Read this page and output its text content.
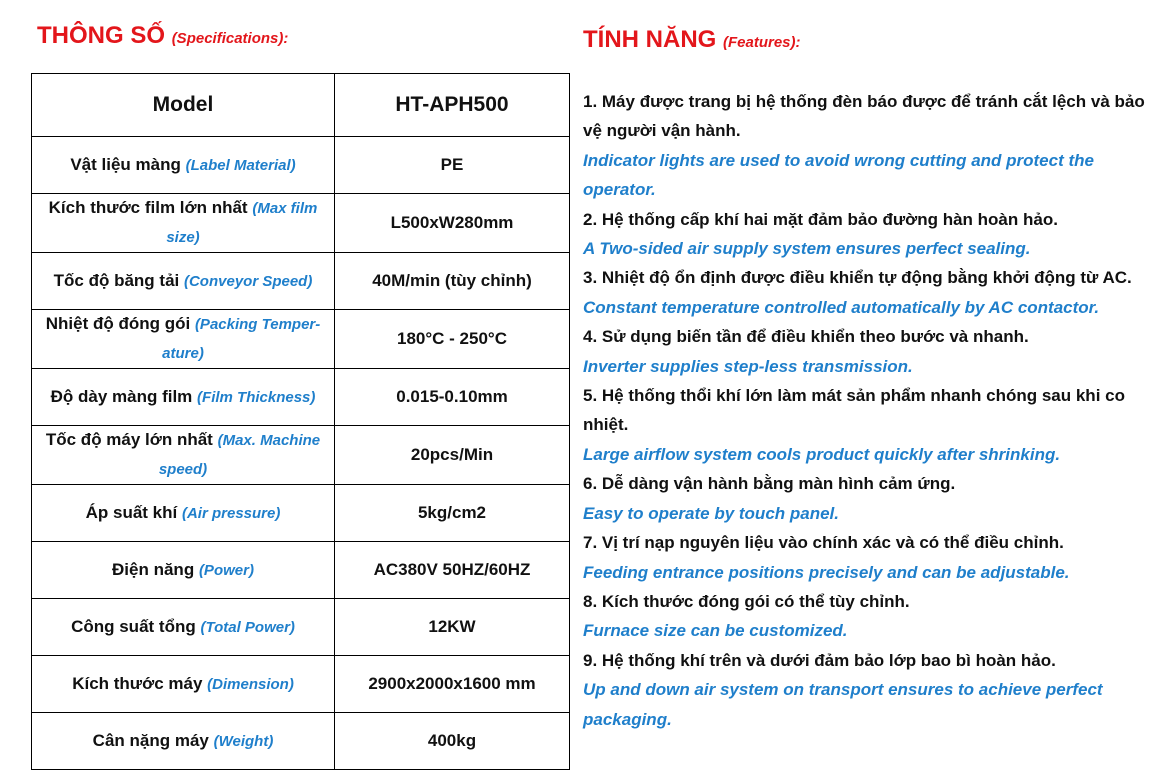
THÔNG SỐ (Specifications):	TÍNH NĂNG (Features):
Model	HT-APH500
Vật liệu màng (Label Material)	PE
Kích thước film lớn nhất (Max film size)	L500xW280mm
Tốc độ băng tải (Conveyor Speed)	40M/min (tùy chỉnh)
Nhiệt độ đóng gói (Packing Temper-ature)	180°C - 250°C
Độ dày màng film (Film Thickness)	0.015-0.10mm
Tốc độ máy lớn nhất (Max. Machine speed)	20pcs/Min
Áp suất khí (Air pressure)	5kg/cm2
Điện năng (Power)	AC380V 50HZ/60HZ
Công suất tổng (Total Power)	12KW
Kích thước máy (Dimension)	2900x2000x1600 mm
Cân nặng máy (Weight)	400kg

1. Máy được trang bị hệ thống đèn báo được để tránh cắt lệch và bảo vệ người vận hành.

Indicator lights are used to avoid wrong cutting and protect the operator.

2. Hệ thống cấp khí hai mặt đảm bảo đường hàn hoàn hảo.

A Two-sided air supply system ensures perfect sealing.

3. Nhiệt độ ổn định được điều khiển tự động bằng khởi động từ AC.

Constant temperature controlled automatically by AC contactor.

4. Sử dụng biến tần để điều khiển theo bước và nhanh.

Inverter supplies step-less transmission.

5. Hệ thống thổi khí lớn làm mát sản phẩm nhanh chóng sau khi co nhiệt.

Large airflow system cools product quickly after shrinking.

6. Dễ dàng vận hành bằng màn hình cảm ứng.

Easy to operate by touch panel.

7. Vị trí nạp nguyên liệu vào chính xác và có thể điều chỉnh.

Feeding entrance positions precisely and can be adjustable.

8. Kích thước đóng gói có thể tùy chỉnh.

Furnace size can be customized.

9. Hệ thống khí trên và dưới đảm bảo lớp bao bì hoàn hảo.

Up and down air system on transport ensures to achieve perfect packaging.
